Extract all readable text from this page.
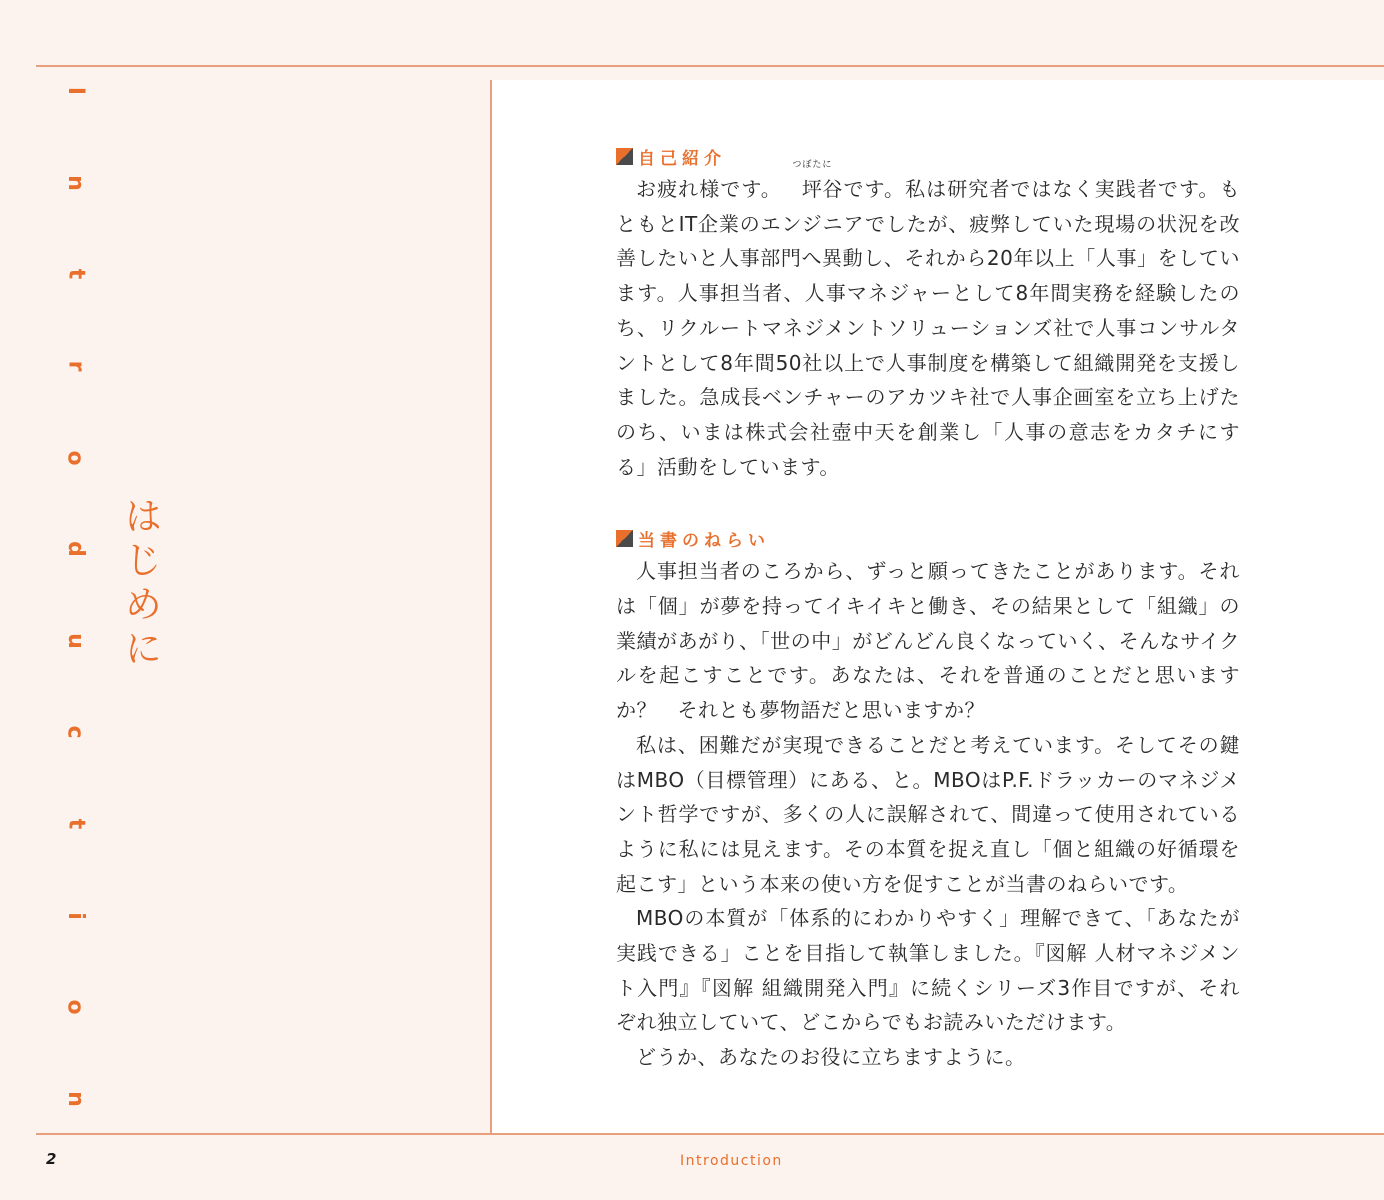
I
n
t
r
o
d
u
c
t
i
o
n
はじめに
自己紹介

お疲れ様です。 坪谷
つぼたに
です。私は研究者ではなく実践者です。もともとIT企業のエンジニアでしたが、疲弊していた現場の状況を改善したいと人事部門へ異動し、それから20年以上「人事」をしています。人事担当者、人事マネジャーとして8年間実務を経験したのち、リクルートマネジメントソリューションズ社で人事コンサルタントとして8年間50社以上で人事制度を構築して組織開発を支援しました。急成長ベンチャーのアカツキ社で人事企画室を立ち上げたのち、いまは株式会社壺中天を創業し「人事の意志をカタチにする」活動をしています。

当書のねらい

人事担当者のころから、ずっと願ってきたことがあります。それは「個」が夢を持ってイキイキと働き、その結果として「組織」の業績があがり、「世の中」がどんどん良くなっていく、そんなサイクルを起こすことです。あなたは、それを普通のことだと思いますか？　それとも夢物語だと思いますか？

私は、困難だが実現できることだと考えています。そしてその鍵はMBO（目標管理）にある、と。MBOはP.F.ドラッカーのマネジメント哲学ですが、多くの人に誤解されて、間違って使用されているように私には見えます。その本質を捉え直し「個と組織の好循環を起こす」という本来の使い方を促すことが当書のねらいです。

MBOの本質が「体系的にわかりやすく」理解できて、「あなたが実践できる」ことを目指して執筆しました。『図解 人材マネジメント入門』『図解 組織開発入門』に続くシリーズ3作目ですが、それぞれ独立していて、どこからでもお読みいただけます。

どうか、あなたのお役に立ちますように。

2	Introduction
